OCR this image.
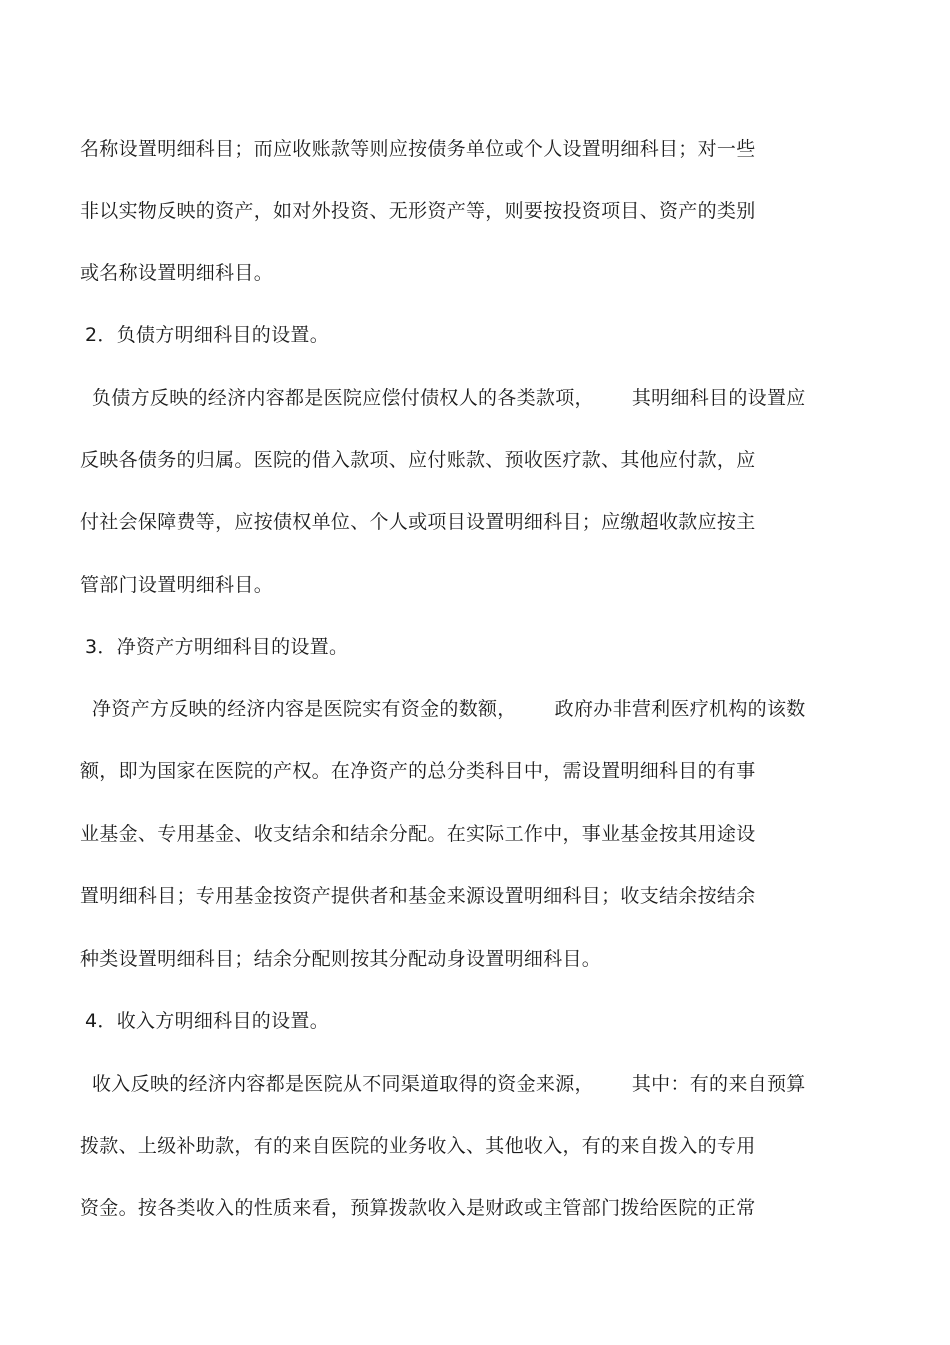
名称设置明细科目；而应收账款等则应按债务单位或个人设置明细科目；对一些
非以实物反映的资产，如对外投资、无形资产等，则要按投资项目、资产的类别
或名称设置明细科目。
2．负债方明细科目的设置。
负债方反映的经济内容都是医院应偿付债权人的各类款项，      其明细科目的设置应
反映各债务的归属。医院的借入款项、应付账款、预收医疗款、其他应付款，应
付社会保障费等，应按债权单位、个人或项目设置明细科目；应缴超收款应按主
管部门设置明细科目。
3．净资产方明细科目的设置。
净资产方反映的经济内容是医院实有资金的数额，      政府办非营利医疗机构的该数
额，即为国家在医院的产权。在净资产的总分类科目中，需设置明细科目的有事
业基金、专用基金、收支结余和结余分配。在实际工作中，事业基金按其用途设
置明细科目；专用基金按资产提供者和基金来源设置明细科目；收支结余按结余
种类设置明细科目；结余分配则按其分配动身设置明细科目。
4．收入方明细科目的设置。
收入反映的经济内容都是医院从不同渠道取得的资金来源，      其中：有的来自预算
拨款、上级补助款，有的来自医院的业务收入、其他收入，有的来自拨入的专用
资金。按各类收入的性质来看，预算拨款收入是财政或主管部门拨给医院的正常
